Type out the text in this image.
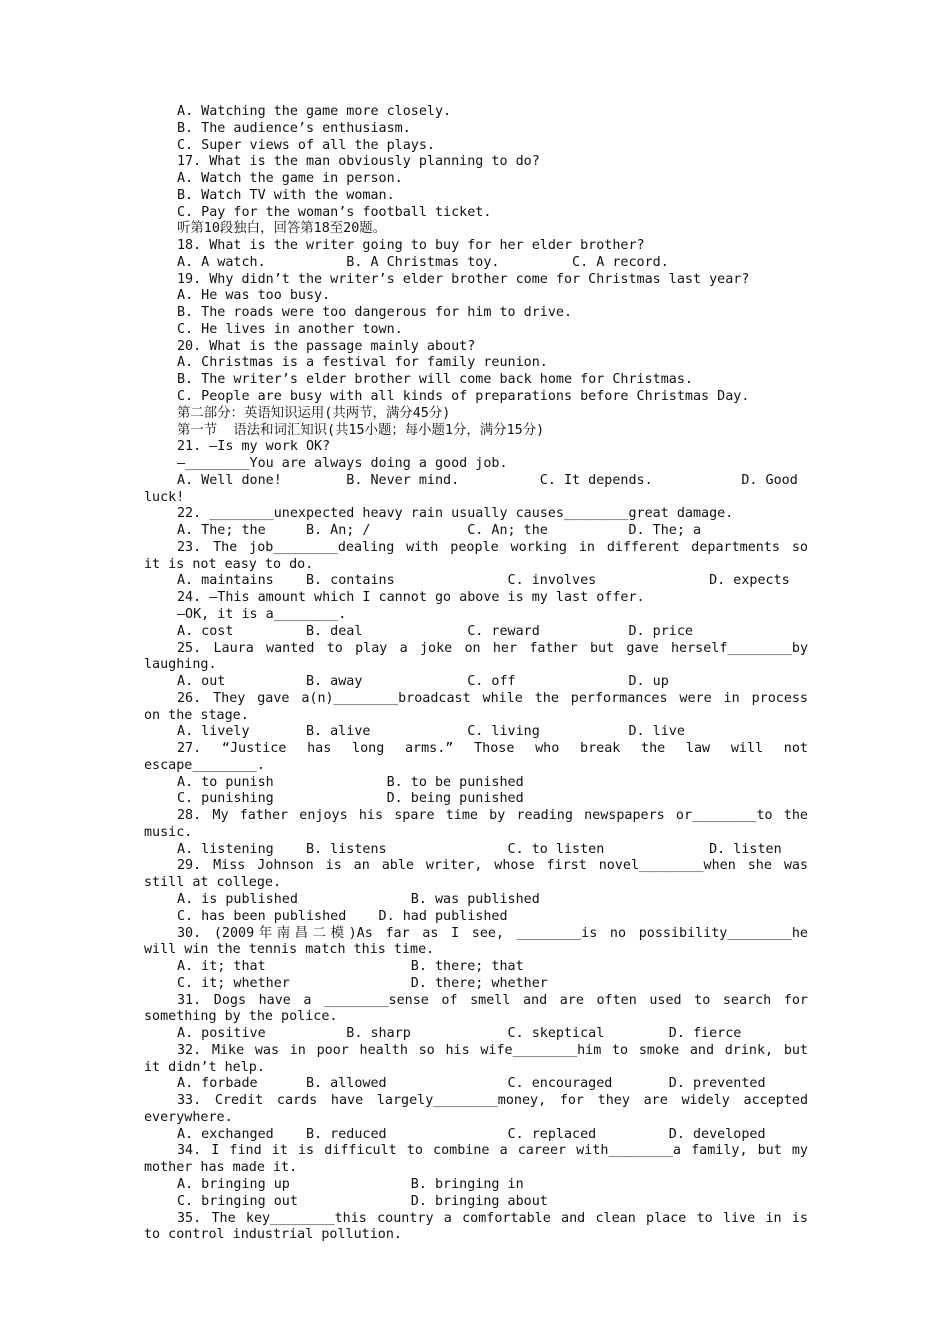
A. Watching the game more closely.
B. The audience’s enthusiasm.
C. Super views of all the plays.
17. What is the man obviously planning to do?
A. Watch the game in person.
B. Watch TV with the woman.
C. Pay for the woman’s football ticket.
听第10段独白，回答第18至20题。
18. What is the writer going to buy for her elder brother?
A. A watch.          B. A Christmas toy.         C. A record.
19. Why didn’t the writer’s elder brother come for Christmas last year?
A. He was too busy.
B. The roads were too dangerous for him to drive.
C. He lives in another town.
20. What is the passage mainly about?
A. Christmas is a festival for family reunion.
B. The writer’s elder brother will come back home for Christmas.
C. People are busy with all kinds of preparations before Christmas Day.
第二部分：英语知识运用(共两节，满分45分)
第一节  语法和词汇知识(共15小题；每小题1分，满分15分)
21. —Is my work OK?
—________You are always doing a good job.
A. Well done!        B. Never mind.          C. It depends.           D. Good
luck!
22. ________unexpected heavy rain usually causes________great damage.
A. The; the     B. An; /            C. An; the          D. The; a
23. The job________dealing with people working in different departments so
it is not easy to do.
A. maintains    B. contains              C. involves              D. expects
24. —This amount which I cannot go above is my last offer.
—OK, it is a________.
A. cost         B. deal             C. reward           D. price
25. Laura wanted to play a joke on her father but gave herself________by
laughing.
A. out          B. away             C. off              D. up
26. They gave a(n)________broadcast while the performances were in process
on the stage.
A. lively       B. alive            C. living           D. live
27. “Justice has long arms.” Those who break the law will not
escape________.
A. to punish              B. to be punished
C. punishing              D. being punished
28. My father enjoys his spare time by reading newspapers or________to the
music.
A. listening    B. listens               C. to listen             D. listen
29. Miss Johnson is an able writer, whose first novel________when she was
still at college.
A. is published              B. was published
C. has been published    D. had published
30. (2009年南昌二模)As far as I see, ________is no possibility________he
will win the tennis match this time.
A. it; that                  B. there; that
C. it; whether               D. there; whether
31. Dogs have a ________sense of smell and are often used to search for
something by the police.
A. positive          B. sharp            C. skeptical        D. fierce
32. Mike was in poor health so his wife________him to smoke and drink, but
it didn’t help.
A. forbade      B. allowed               C. encouraged       D. prevented
33. Credit cards have largely________money, for they are widely accepted
everywhere.
A. exchanged    B. reduced               C. replaced         D. developed
34. I find it is difficult to combine a career with________a family, but my
mother has made it.
A. bringing up               B. bringing in
C. bringing out              D. bringing about
35. The key________this country a comfortable and clean place to live in is
to control industrial pollution.
